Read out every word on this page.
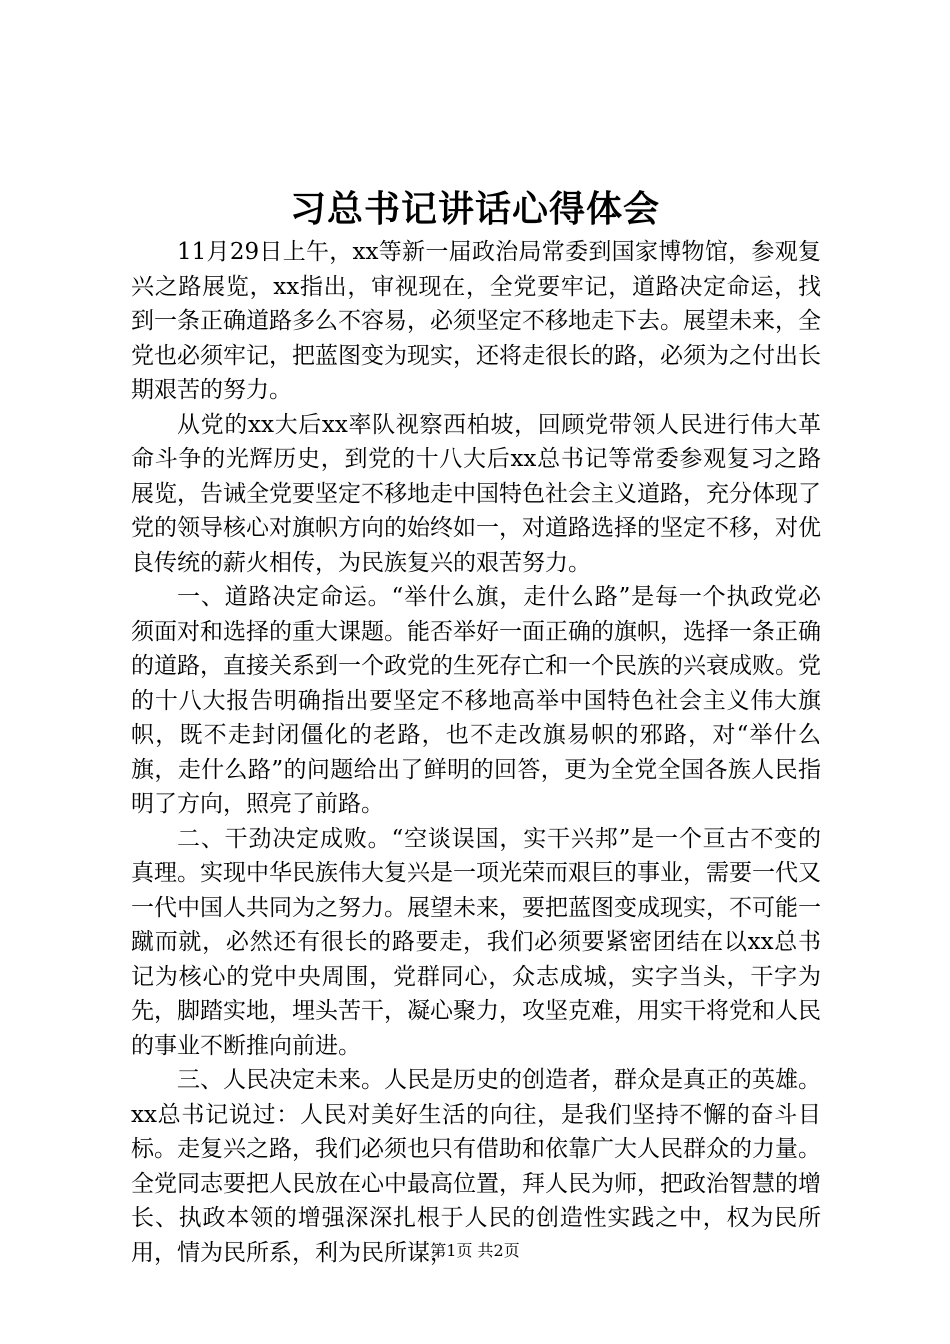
习总书记讲话心得体会

11月29日上午，xx等新一届政治局常委到国家博物馆，参观复兴之路展览，xx指出，审视现在，全党要牢记，道路决定命运，找到一条正确道路多么不容易，必须坚定不移地走下去。展望未来，全党也必须牢记，把蓝图变为现实，还将走很长的路，必须为之付出长期艰苦的努力。

从党的xx大后xx率队视察西柏坡，回顾党带领人民进行伟大革命斗争的光辉历史，到党的十八大后xx总书记等常委参观复习之路展览，告诫全党要坚定不移地走中国特色社会主义道路，充分体现了党的领导核心对旗帜方向的始终如一，对道路选择的坚定不移，对优良传统的薪火相传，为民族复兴的艰苦努力。

一、道路决定命运。“举什么旗，走什么路”是每一个执政党必须面对和选择的重大课题。能否举好一面正确的旗帜，选择一条正确的道路，直接关系到一个政党的生死存亡和一个民族的兴衰成败。党的十八大报告明确指出要坚定不移地高举中国特色社会主义伟大旗帜，既不走封闭僵化的老路，也不走改旗易帜的邪路，对“举什么旗，走什么路”的问题给出了鲜明的回答，更为全党全国各族人民指明了方向，照亮了前路。

二、干劲决定成败。“空谈误国，实干兴邦”是一个亘古不变的真理。实现中华民族伟大复兴是一项光荣而艰巨的事业，需要一代又一代中国人共同为之努力。展望未来，要把蓝图变成现实，不可能一蹴而就，必然还有很长的路要走，我们必须要紧密团结在以xx总书记为核心的党中央周围，党群同心，众志成城，实字当头，干字为先，脚踏实地，埋头苦干，凝心聚力，攻坚克难，用实干将党和人民的事业不断推向前进。

三、人民决定未来。人民是历史的创造者，群众是真正的英雄。xx总书记说过：人民对美好生活的向往，是我们坚持不懈的奋斗目标。走复兴之路，我们必须也只有借助和依靠广大人民群众的力量。全党同志要把人民放在心中最高位置，拜人民为师，把政治智慧的增长、执政本领的增强深深扎根于人民的创造性实践之中，权为民所用，情为民所系，利为民所谋，

第1页 共2页
